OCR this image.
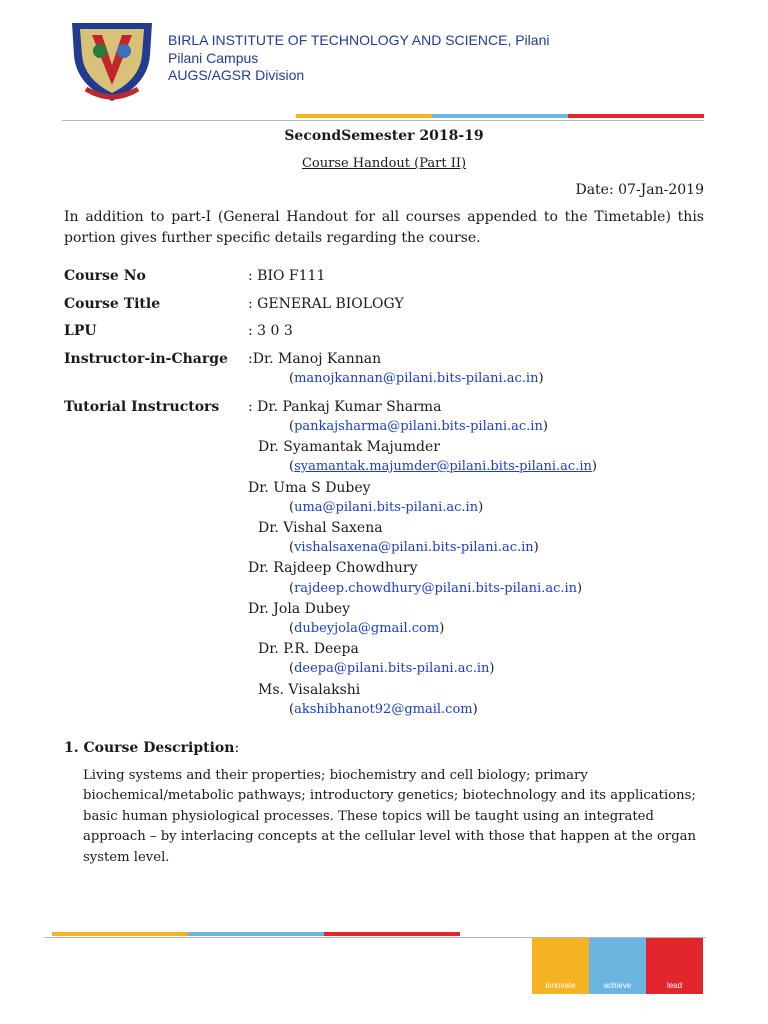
BIRLA INSTITUTE OF TECHNOLOGY AND SCIENCE, Pilani
Pilani Campus
AUGS/AGSR Division
SecondSemester 2018-19
Course Handout (Part II)
Date: 07-Jan-2019
In addition to part-I (General Handout for all courses appended to the Timetable) this portion gives further specific details regarding the course.
Course No	: BIO F111
Course Title	: GENERAL BIOLOGY
LPU	: 3 0 3
Instructor-in-Charge :Dr. Manoj Kannan
(manojkannan@pilani.bits-pilani.ac.in)
Tutorial Instructors : Dr. Pankaj Kumar Sharma
(pankajsharma@pilani.bits-pilani.ac.in)
Dr. Syamantak Majumder
(syamantak.majumder@pilani.bits-pilani.ac.in)
Dr. Uma S Dubey
(uma@pilani.bits-pilani.ac.in)
Dr. Vishal Saxena
(vishalsaxena@pilani.bits-pilani.ac.in)
Dr. Rajdeep Chowdhury
(rajdeep.chowdhury@pilani.bits-pilani.ac.in)
Dr. Jola Dubey
(dubeyjola@gmail.com)
Dr. P.R. Deepa
(deepa@pilani.bits-pilani.ac.in)
Ms. Visalakshi
(akshibhanot92@gmail.com)
1. Course Description:
Living systems and their properties; biochemistry and cell biology; primary biochemical/metabolic pathways; introductory genetics; biotechnology and its applications; basic human physiological processes. These topics will be taught using an integrated approach – by interlacing concepts at the cellular level with those that happen at the organ system level.
innovate	achieve	lead
